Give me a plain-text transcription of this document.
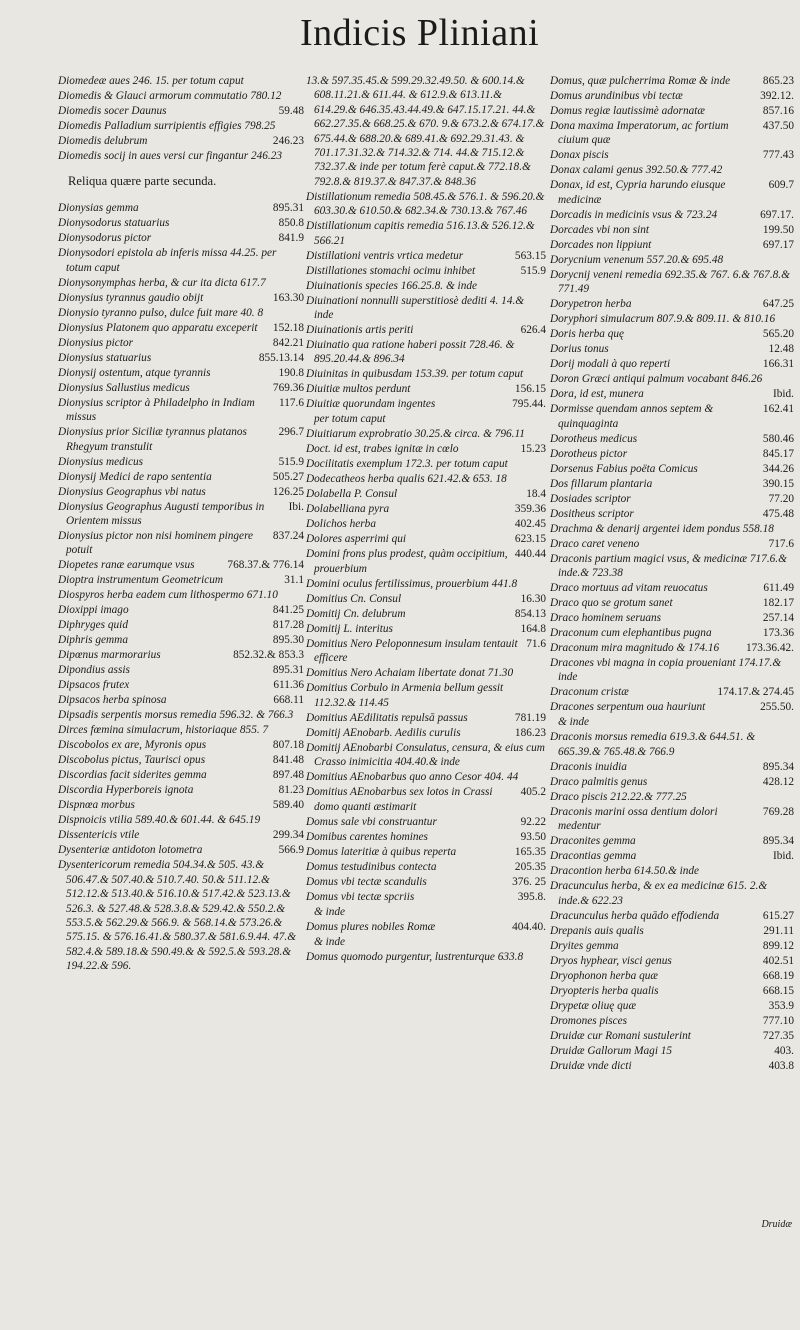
Indicis Pliniani
Diomedeæ aues 246. 15. per totum caput
Diomedis & Glauci armorum commutatio 780.12
59.48
Diomedis socer Daunus
Diomedis Palladium surripientis effigies 798.25
246.23
Diomedis delubrum
Diomedis socij in aues versi cur fingantur 246.23
Reliqua quære parte secunda.
895.31
Dionysias gemma
850.8
Dionysodorus statuarius
841.9
Dionysodorus pictor
Dionysodori epistola ab inferis missa 44.25. per totum caput
Dionysonymphas herba, & cur ita dicta 617.7
163.30
Dionysius tyrannus gaudio obijt
Dionysio tyranno pulso, dulce fuit mare 40. 8
152.18
Dionysius Platonem quo apparatu exceperit
842.21
Dionysius pictor
855.13.14
Dionysius statuarius
190.8
Dionysij ostentum, atque tyrannis
769.36
Dionysius Sallustius medicus
117.6
Dionysius scriptor à Philadelpho in Indiam missus
296.7
Dionysius prior Siciliæ tyrannus platanos Rhegyum transtulit
515.9
Dionysius medicus
505.27
Dionysij Medici de rapo sententia
126.25
Dionysius Geographus vbi natus
Ibi.
Dionysius Geographus Augusti temporibus in Orientem missus
837.24
Dionysius pictor non nisi hominem pingere potuit
768.37.& 776.14
Diopetes ranæ earumque vsus
31.1
Dioptra instrumentum Geometricum
Diospyros herba eadem cum lithospermo 671.10
841.25
Dioxippi imago
817.28
Diphryges quid
895.30
Diphris gemma
852.32.& 853.3
Dipœnus marmorarius
895.31
Dipondius assis
611.36
Dipsacos frutex
668.11
Dipsacos herba spinosa
Dipsadis serpentis morsus remedia 596.32. & 766.3
Dirces fœmina simulacrum, historiaque 855. 7
807.18
Discobolos ex are, Myronis opus
841.48
Discobolus pictus, Taurisci opus
897.48
Discordias facit siderites gemma
81.23
Discordia Hyperboreis ignota
589.40
Dispnœa morbus
Dispnoicis vtilia 589.40.& 601.44. & 645.19
299.34
Dissentericis vtile
566.9
Dysenteriæ antidoton lotometra
Dysentericorum remedia 504.34.& 505. 43.& 506.47.& 507.40.& 510.7.40. 50.& 511.12.& 512.12.& 513.40.& 516.10.& 517.42.& 523.13.& 526.3. & 527.48.& 528.3.8.& 529.42.& 550.2.& 553.5.& 562.29.& 566.9. & 568.14.& 573.26.& 575.15. & 576.16.41.& 580.37.& 581.6.9.44. 47.& 582.4.& 589.18.& 590.49.& & 592.5.& 593.28.& 194.22.& 596.
13.& 597.35.45.& 599.29.32.49.50. & 600.14.& 608.11.21.& 611.44. & 612.9.& 613.11.& 614.29.& 646.35.43.44.49.& 647.15.17.21. 44.& 662.27.35.& 668.25.& 670. 9.& 673.2.& 674.17.& 675.44.& 688.20.& 689.41.& 692.29.31.43. & 701.17.31.32.& 714.32.& 714. 44.& 715.12.& 732.37.& inde per totum ferè caput.& 772.18.& 792.8.& 819.37.& 847.37.& 848.36
Distillationum remedia 508.45.& 576.1. & 596.20.& 603.30.& 610.50.& 682.34.& 730.13.& 767.46
Distillationum capitis remedia 516.13.& 526.12.& 566.21
563.15
Distillationi ventris vrtica medetur
515.9
Distillationes stomachi ocimu inhibet
Diuinationis species 166.25.8. & inde
Diuinationi nonnulli superstitiosè dediti 4. 14.& inde
626.4
Diuinationis artis periti
Diuinatio qua ratione haberi possit 728.46. & 895.20.44.& 896.34
Diuinitas in quibusdam 153.39. per totum caput
156.15
Diuitiæ multos perdunt
795.44.
Diuitiæ quorundam ingentes
per totum caput
Diuitiarum exprobratio 30.25.& circa. & 796.11
15.23
Doct. id est, trabes ignitæ in cœlo
Docilitatis exemplum 172.3. per totum caput
Dodecatheos herba qualis 621.42.& 653. 18
18.4
Dolabella P. Consul
359.36
Dolabelliana pyra
402.45
Dolichos herba
623.15
Dolores asperrimi qui
440.44
Domini frons plus prodest, quàm occipitium, prouerbium
Domini oculus fertilissimus, prouerbium 441.8
16.30
Domitius Cn. Consul
854.13
Domitij Cn. delubrum
164.8
Domitij L. interitus
71.6
Domitius Nero Peloponnesum insulam tentauit efficere
Domitius Nero Achaiam libertate donat 71.30
Domitius Corbulo in Armenia bellum gessit 112.32.& 114.45
781.19
Domitius AEdilitatis repulsā passus
186.23
Domitij AEnobarb. Aedilis curulis
Domitij AEnobarbi Consulatus, censura, & eius cum Crasso inimicitia 404.40.& inde
Domitius AEnobarbus quo anno Cesor 404. 44
405.2
Domitius AEnobarbus sex lotos in Crassi domo quanti æstimarit
92.22
Domus sale vbi construantur
93.50
Domibus carentes homines
165.35
Domus lateritiæ à quibus reperta
205.35
Domus testudinibus contecta
376. 25
Domus vbi tectæ scandulis
395.8.
Domus vbi tectæ spcriis
& inde
404.40.
Domus plures nobiles Romæ
& inde
Domus quomodo purgentur, lustrenturque 633.8
865.23
Domus, quæ pulcherrima Romæ & inde
392.12.
Domus arundinibus vbi tectæ
857.16
Domus regiæ lautissimè adornatæ
437.50
Dona maxima Imperatorum, ac fortium ciuium quæ
777.43
Donax piscis
Donax calami genus 392.50.& 777.42
609.7
Donax, id est, Cypria harundo eiusque medicinæ
697.17.
Dorcadis in medicinis vsus & 723.24
199.50
Dorcades vbi non sint
697.17
Dorcades non lippiunt
Dorycnium venenum 557.20.& 695.48
Dorycnij veneni remedia 692.35.& 767. 6.& 767.8.& 771.49
647.25
Dorypetron herba
Doryphori simulacrum 807.9.& 809.11. & 810.16
565.20
Doris herba quę
12.48
Dorius tonus
166.31
Dorij modali à quo reperti
Doron Græci antiqui palmum vocabant 846.26
Ibid.
Dora, id est, munera
162.41
Dormisse quendam annos septem & quinquaginta
580.46
Dorotheus medicus
845.17
Dorotheus pictor
344.26
Dorsenus Fabius poëta Comicus
390.15
Dos fillarum plantaria
77.20
Dosiades scriptor
475.48
Dositheus scriptor
Drachma & denarij argentei idem pondus 558.18
717.6
Draco caret veneno
Draconis partium magici vsus, & medicinæ 717.6.& inde.& 723.38
611.49
Draco mortuus ad vitam reuocatus
182.17
Draco quo se grotum sanet
257.14
Draco hominem seruans
173.36
Draconum cum elephantibus pugna
173.36.42.
Draconum mira magnitudo & 174.16
Dracones vbi magna in copia proueniant 174.17.& inde
174.17.& 274.45
Draconum cristæ
255.50.
Dracones serpentum oua hauriunt
& inde
Draconis morsus remedia 619.3.& 644.51. & 665.39.& 765.48.& 766.9
895.34
Draconis inuidia
428.12
Draco palmitis genus
Draco piscis 212.22.& 777.25
769.28
Draconis marini ossa dentium dolori medentur
895.34
Draconites gemma
Ibid.
Dracontias gemma
Dracontion herba 614.50.& inde
Dracunculus herba, & ex ea medicinæ 615. 2.& inde.& 622.23
615.27
Dracunculus herba quādo effodienda
291.11
Drepanis auis qualis
899.12
Dryites gemma
402.51
Dryos hyphear, visci genus
668.19
Dryophonon herba quæ
668.15
Dryopteris herba qualis
353.9
Drypetæ oliuę quæ
777.10
Dromones pisces
727.35
Druidæ cur Romani sustulerint
403.
Druidæ Gallorum Magi 15
403.8
Druidæ vnde dicti
Druidæ
